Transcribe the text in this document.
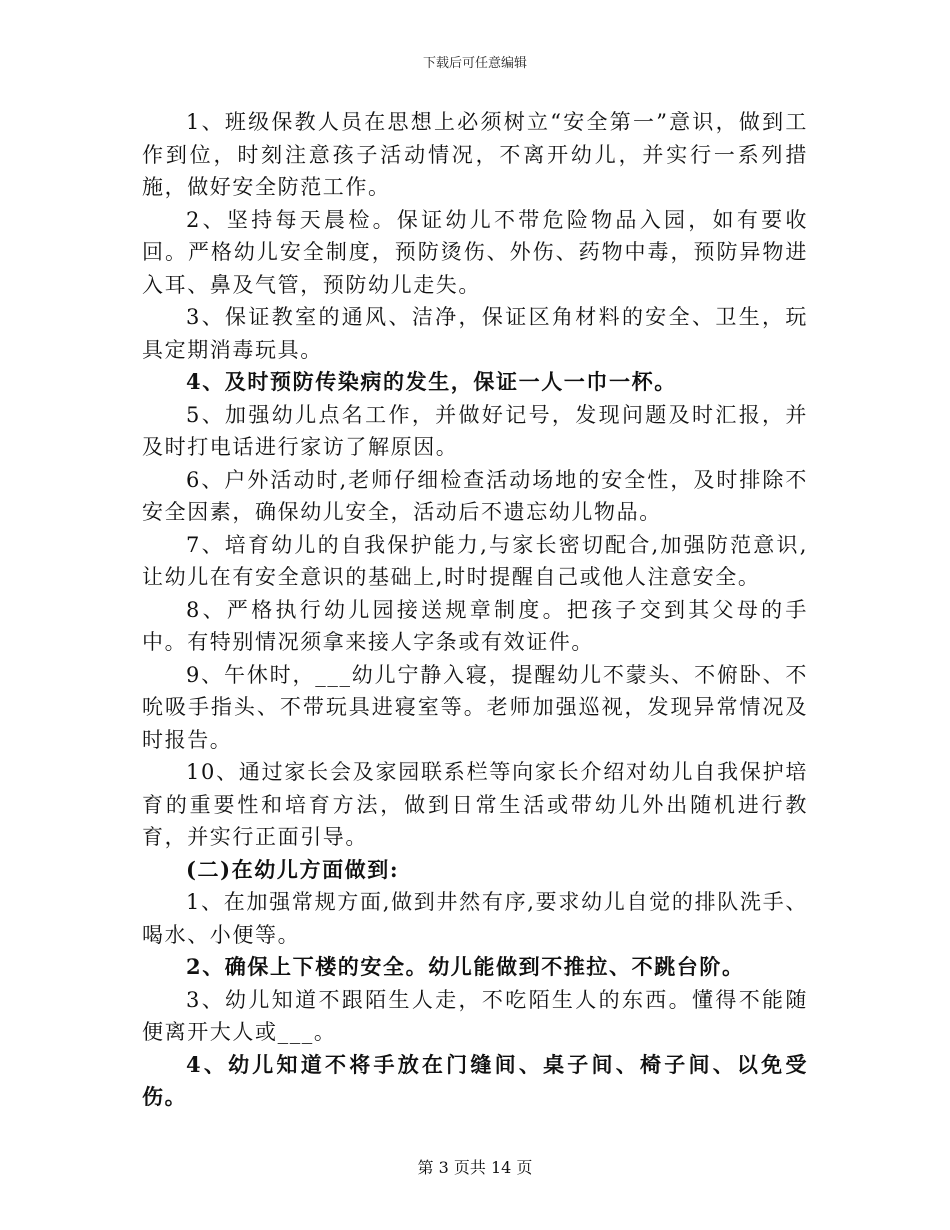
下载后可任意编辑

1、班级保教人员在思想上必须树立“安全第一”意识，做到工作到位，时刻注意孩子活动情况，不离开幼儿，并实行一系列措施，做好安全防范工作。

2、坚持每天晨检。保证幼儿不带危险物品入园，如有要收回。严格幼儿安全制度，预防烫伤、外伤、药物中毒，预防异物进入耳、鼻及气管，预防幼儿走失。

3、保证教室的通风、洁净，保证区角材料的安全、卫生，玩具定期消毒玩具。

4、及时预防传染病的发生，保证一人一巾一杯。

5、加强幼儿点名工作，并做好记号，发现问题及时汇报，并及时打电话进行家访了解原因。

6、户外活动时,老师仔细检查活动场地的安全性，及时排除不安全因素，确保幼儿安全，活动后不遗忘幼儿物品。

7、培育幼儿的自我保护能力,与家长密切配合,加强防范意识,让幼儿在有安全意识的基础上,时时提醒自己或他人注意安全。

8、严格执行幼儿园接送规章制度。把孩子交到其父母的手中。有特别情况须拿来接人字条或有效证件。

9、午休时，___幼儿宁静入寝，提醒幼儿不蒙头、不俯卧、不吮吸手指头、不带玩具进寝室等。老师加强巡视，发现异常情况及时报告。

10、通过家长会及家园联系栏等向家长介绍对幼儿自我保护培育的重要性和培育方法，做到日常生活或带幼儿外出随机进行教育，并实行正面引导。

(二)在幼儿方面做到:

1、在加强常规方面,做到井然有序,要求幼儿自觉的排队洗手、喝水、小便等。

2、确保上下楼的安全。幼儿能做到不推拉、不跳台阶。

3、幼儿知道不跟陌生人走，不吃陌生人的东西。懂得不能随便离开大人或___。

4、幼儿知道不将手放在门缝间、桌子间、椅子间、以免受伤。

第 3 页共 14 页
